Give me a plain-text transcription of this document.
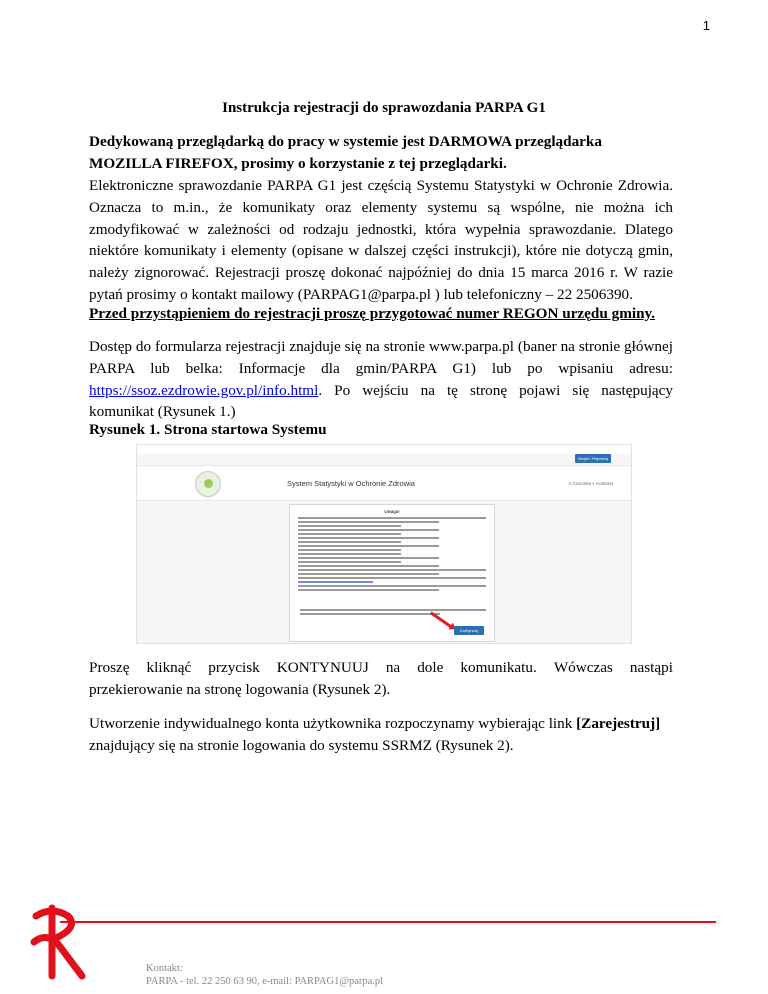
1
Instrukcja rejestracji do sprawozdania PARPA G1
Dedykowaną przeglądarką do pracy w systemie jest DARMOWA przeglądarka MOZILLA FIREFOX, prosimy o korzystanie z tej przeglądarki.
Elektroniczne sprawozdanie PARPA G1 jest częścią Systemu Statystyki w Ochronie Zdrowia. Oznacza to m.in., że komunikaty oraz elementy systemu są wspólne, nie można ich zmodyfikować w zależności od rodzaju jednostki, która wypełnia sprawozdanie. Dlatego niektóre komunikaty i elementy (opisane w dalszej części instrukcji), które nie dotyczą gmin, należy zignorować. Rejestracji proszę dokonać najpóźniej do dnia 15 marca 2016 r. W razie pytań prosimy o kontakt mailowy (PARPAG1@parpa.pl ) lub telefoniczny – 22 2506390.
Przed przystąpieniem do rejestracji proszę przygotować numer REGON urzędu gminy.
Dostęp do formularza rejestracji znajduje się na stronie www.parpa.pl (baner na stronie głównej PARPA lub belka: Informacje dla gmin/PARPA G1) lub po wpisaniu adresu: https://ssoz.ezdrowie.gov.pl/info.html. Po wejściu na tę stronę pojawi się następujący komunikat (Rysunek 1.)
Rysunek 1. Strona startowa Systemu
Wejdź / Rejestruj
System Statystyki w Ochronie Zdrowia	A Czcionka ◐ Kontrast
Uwaga!
Kontynuuj
Proszę kliknąć przycisk KONTYNUUJ na dole komunikatu. Wówczas nastąpi
przekierowanie na stronę logowania (Rysunek 2).
Utworzenie indywidualnego konta użytkownika rozpoczynamy wybierając link [Zarejestruj] znajdujący się na stronie logowania do systemu SSRMZ (Rysunek 2).
Kontakt:
PARPA - tel. 22 250 63 90, e-mail: PARPAG1@parpa.pl
